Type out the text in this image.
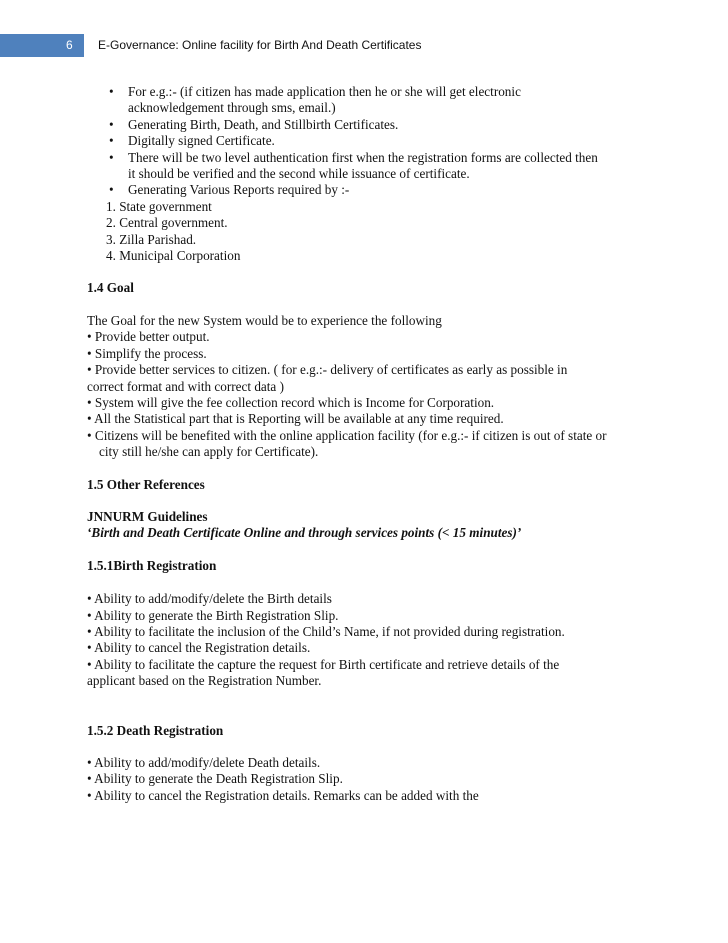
6	E-Governance: Online facility for Birth And Death Certificates
• For e.g.:- (if citizen has made application then he or she will get electronic acknowledgement through sms, email.)
• Generating Birth, Death, and Stillbirth Certificates.
• Digitally signed Certificate.
• There will be two level authentication first when the registration forms are collected then it should be verified and the second while issuance of certificate.
• Generating Various Reports required by :-
1. State government
2. Central government.
3. Zilla Parishad.
4. Municipal Corporation
1.4 Goal

The Goal for the new System would be to experience the following

• Provide better output.

• Simplify the process.

• Provide better services to citizen. ( for e.g.:- delivery of certificates as early as possible in correct format and with correct data )

• System will give the fee collection record which is Income for Corporation.

• All the Statistical part that is Reporting will be available at any time required.

• Citizens will be benefited with the online application facility (for e.g.:- if citizen is out of state or city still he/she can apply for Certificate).

1.5 Other References

JNNURM Guidelines

‘Birth and Death Certificate Online and through services points (< 15 minutes)’

1.5.1Birth Registration

• Ability to add/modify/delete the Birth details

• Ability to generate the Birth Registration Slip.

• Ability to facilitate the inclusion of the Child’s Name, if not provided during registration.

• Ability to cancel the Registration details.

• Ability to facilitate the capture the request for Birth certificate and retrieve details of the applicant based on the Registration Number.

1.5.2 Death Registration

• Ability to add/modify/delete Death details.

• Ability to generate the Death Registration Slip.

• Ability to cancel the Registration details. Remarks can be added with the
